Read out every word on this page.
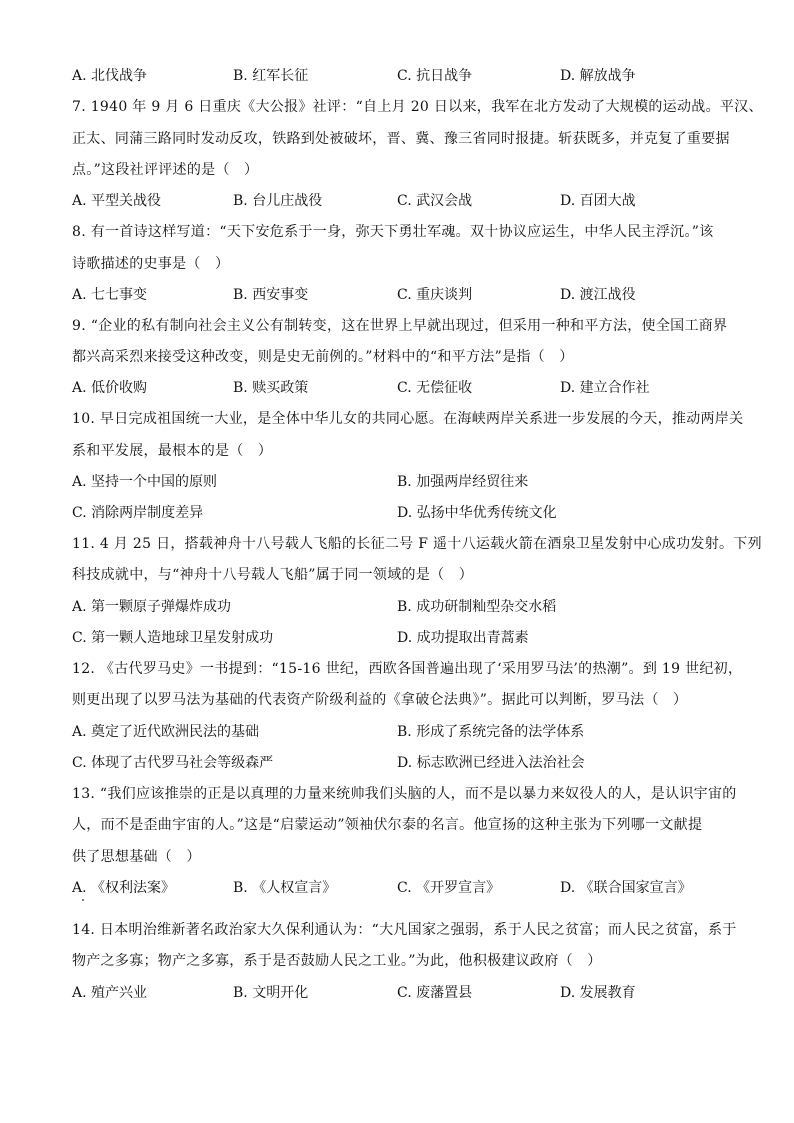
A. 北伐战争	B. 红军长征	C. 抗日战争	D. 解放战争
7. 1940 年 9 月 6 日重庆《大公报》社评：“自上月 20 日以来，我军在北方发动了大规模的运动战。平汉、
正太、同蒲三路同时发动反攻，铁路到处被破坏，晋、冀、豫三省同时报捷。斩获既多，并克复了重要据
点。”这段社评评述的是（　）
A. 平型关战役	B. 台儿庄战役	C. 武汉会战	D. 百团大战
8. 有一首诗这样写道：“天下安危系于一身，弥天下勇壮军魂。双十协议应运生，中华人民主浮沉。”该
诗歌描述的史事是（　）
A. 七七事变	B. 西安事变	C. 重庆谈判	D. 渡江战役
9. “企业的私有制向社会主义公有制转变，这在世界上早就出现过，但采用一种和平方法，使全国工商界
都兴高采烈来接受这种改变，则是史无前例的。”材料中的“和平方法”是指（　）
A. 低价收购	B. 赎买政策	C. 无偿征收	D. 建立合作社
10. 早日完成祖国统一大业，是全体中华儿女的共同心愿。在海峡两岸关系进一步发展的今天，推动两岸关
系和平发展，最根本的是（　）
A. 坚持一个中国的原则	B. 加强两岸经贸往来
C. 消除两岸制度差异	D. 弘扬中华优秀传统文化
11. 4 月 25 日，搭载神舟十八号载人飞船的长征二号 F 遥十八运载火箭在酒泉卫星发射中心成功发射。下列
科技成就中，与“神舟十八号载人飞船”属于同一领域的是（　）
A. 第一颗原子弹爆炸成功	B. 成功研制籼型杂交水稻
C. 第一颗人造地球卫星发射成功	D. 成功提取出青蒿素
12. 《古代罗马史》一书提到：“15-16 世纪，西欧各国普遍出现了‘采用罗马法’的热潮”。到 19 世纪初，
则更出现了以罗马法为基础的代表资产阶级利益的《拿破仑法典》”。据此可以判断，罗马法（　）
A. 奠定了近代欧洲民法的基础	B. 形成了系统完备的法学体系
C. 体现了古代罗马社会等级森严	D. 标志欧洲已经进入法治社会
13. “我们应该推崇的正是以真理的力量来统帅我们头脑的人，而不是以暴力来奴役人的人，是认识宇宙的
人，而不是歪曲宇宙的人。”这是“启蒙运动”领袖伏尔泰的名言。他宣扬的这种主张为下列哪一文献提
供了思想基础（　）
A. 《权利法案》	B. 《人权宣言》	C. 《开罗宣言》	D. 《联合国家宣言》
14. 日本明治维新著名政治家大久保利通认为：“大凡国家之强弱，系于人民之贫富；而人民之贫富，系于
物产之多寡；物产之多寡，系于是否鼓励人民之工业。”为此，他积极建议政府（　）
A. 殖产兴业	B. 文明开化	C. 废藩置县	D. 发展教育
